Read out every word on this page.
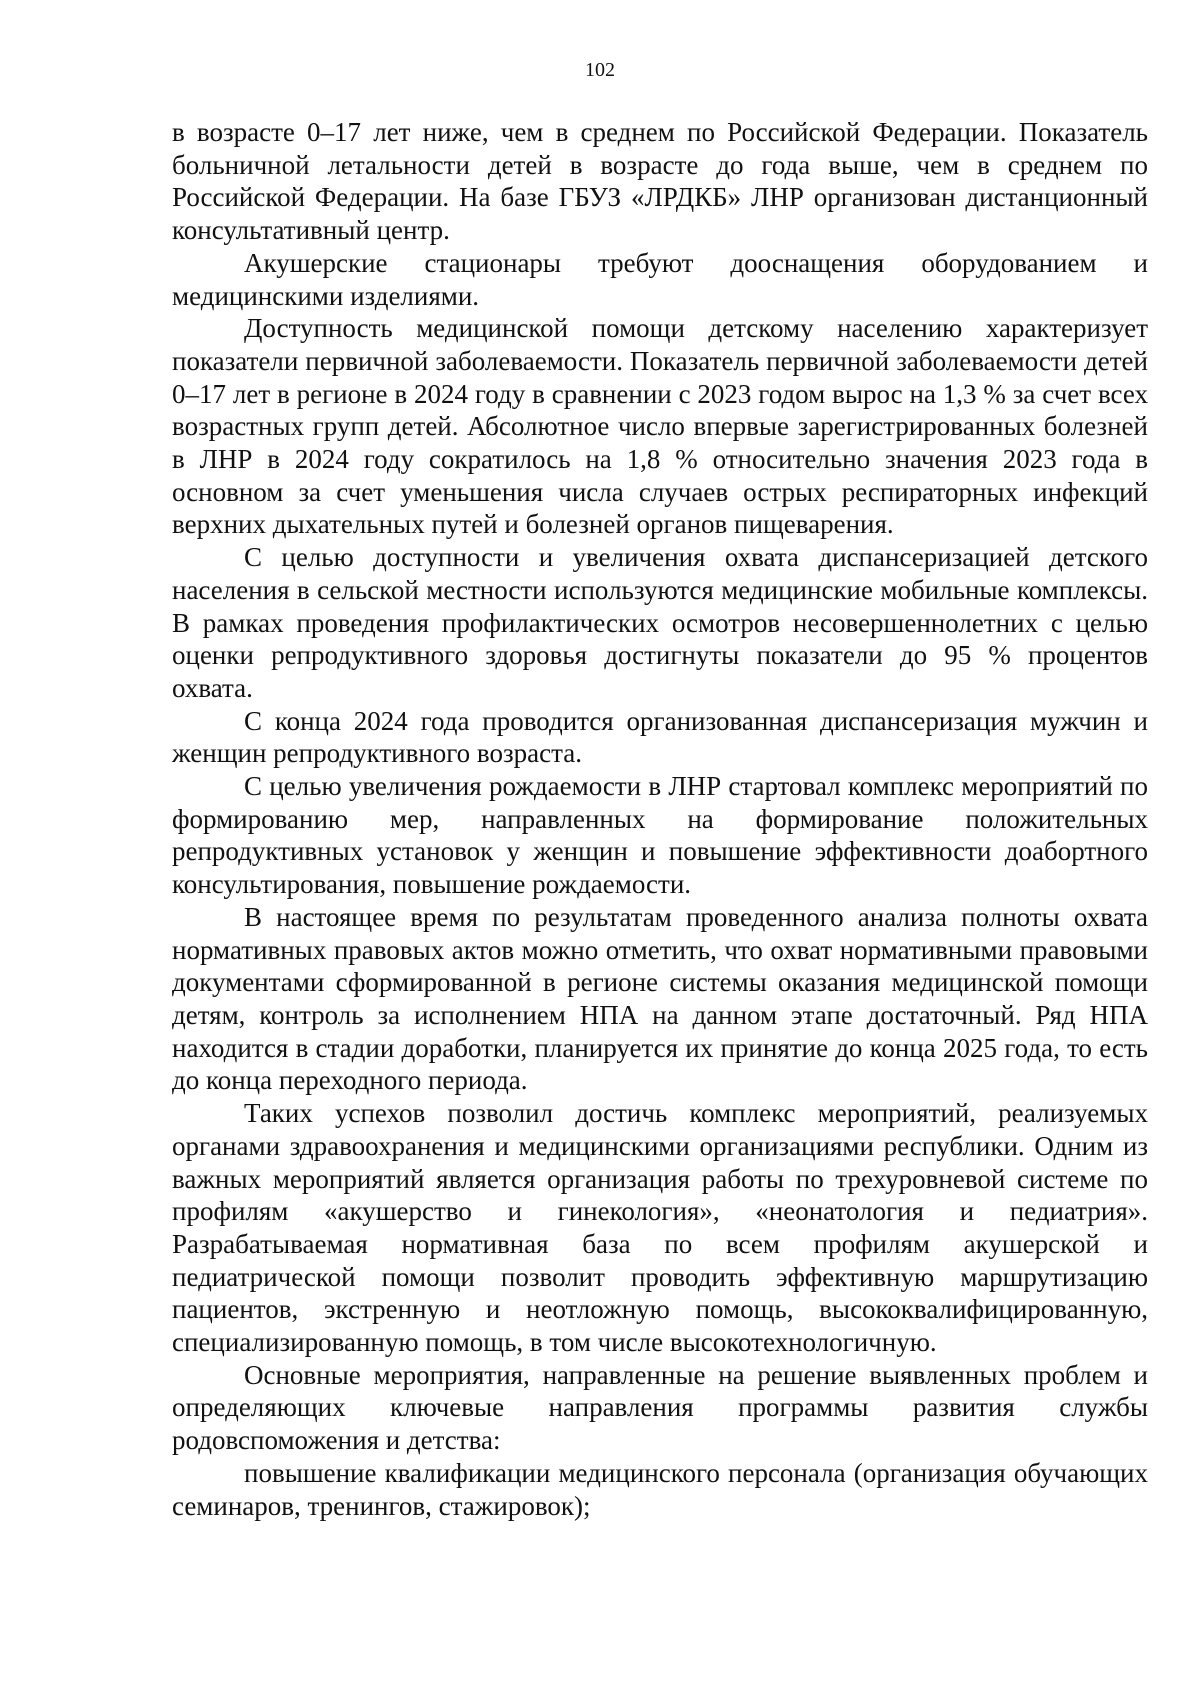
102

в возрасте 0–17 лет ниже, чем в среднем по Российской Федерации. Показатель больничной летальности детей в возрасте до года выше, чем в среднем по Российской Федерации. На базе ГБУЗ «ЛРДКБ» ЛНР организован дистанционный консультативный центр.

Акушерские стационары требуют дооснащения оборудованием и медицинскими изделиями.

Доступность медицинской помощи детскому населению характеризует показатели первичной заболеваемости. Показатель первичной заболеваемости детей 0–17 лет в регионе в 2024 году в сравнении с 2023 годом вырос на 1,3 % за счет всех возрастных групп детей. Абсолютное число впервые зарегистрированных болезней в ЛНР в 2024 году сократилось на 1,8 % относительно значения 2023 года в основном за счет уменьшения числа случаев острых респираторных инфекций верхних дыхательных путей и болезней органов пищеварения.

С целью доступности и увеличения охвата диспансеризацией детского населения в сельской местности используются медицинские мобильные комплексы. В рамках проведения профилактических осмотров несовершеннолетних с целью оценки репродуктивного здоровья достигнуты показатели до 95 % процентов охвата.

С конца 2024 года проводится организованная диспансеризация мужчин и женщин репродуктивного возраста.

С целью увеличения рождаемости в ЛНР стартовал комплекс мероприятий по формированию мер, направленных на формирование положительных репродуктивных установок у женщин и повышение эффективности доабортного консультирования, повышение рождаемости.

В настоящее время по результатам проведенного анализа полноты охвата нормативных правовых актов можно отметить, что охват нормативными правовыми документами сформированной в регионе системы оказания медицинской помощи детям, контроль за исполнением НПА на данном этапе достаточный. Ряд НПА находится в стадии доработки, планируется их принятие до конца 2025 года, то есть до конца переходного периода.

Таких успехов позволил достичь комплекс мероприятий, реализуемых органами здравоохранения и медицинскими организациями республики. Одним из важных мероприятий является организация работы по трехуровневой системе по профилям «акушерство и гинекология», «неонатология и педиатрия». Разрабатываемая нормативная база по всем профилям акушерской и педиатрической помощи позволит проводить эффективную маршрутизацию пациентов, экстренную и неотложную помощь, высококвалифицированную, специализированную помощь, в том числе высокотехнологичную.

Основные мероприятия, направленные на решение выявленных проблем и определяющих ключевые направления программы развития службы родовспоможения и детства:

повышение квалификации медицинского персонала (организация обучающих семинаров, тренингов, стажировок);
